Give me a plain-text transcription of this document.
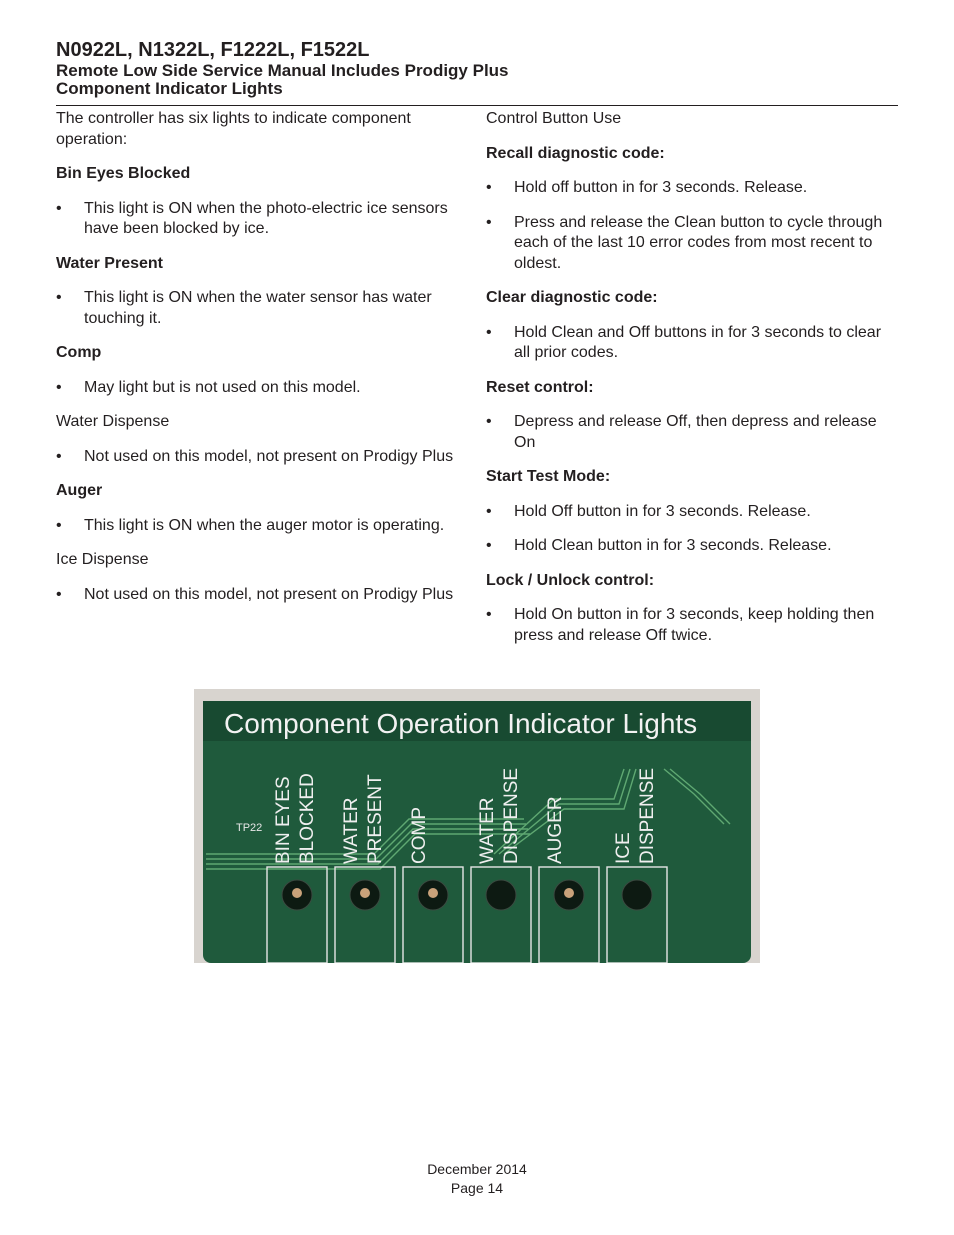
N0922L, N1322L, F1222L, F1522L
Remote Low Side Service Manual Includes Prodigy Plus
Component Indicator Lights

The controller has six lights to indicate component operation:

Bin Eyes Blocked

• This light is ON when the photo-electric ice sensors have been blocked by ice.

Water Present

• This light is ON when the water sensor has water touching it.

Comp

• May light but is not used on this model.

Water Dispense

• Not used on this model, not present on Prodigy Plus

Auger

• This light is ON when the auger motor is operating.

Ice Dispense

• Not used on this model, not present on Prodigy Plus

Control Button Use

Recall diagnostic code:

• Hold off button in for 3 seconds. Release.
• Press and release the Clean button to cycle through each of the last 10 error codes from most recent to oldest.

Clear diagnostic code:

• Hold Clean and Off buttons in for 3 seconds to clear all prior codes.

Reset control:

• Depress and release Off, then depress and release On

Start Test Mode:

• Hold Off button in for 3 seconds. Release.
• Hold Clean button in for 3 seconds. Release.

Lock / Unlock control:

• Hold On button in for 3 seconds, keep holding then press and release Off twice.
Component Operation Indicator Lights
TP22 BIN EYES BLOCKED WATER PRESENT COMP WATER DISPENSE AUGER ICE DISPENSE
December 2014
Page 14
